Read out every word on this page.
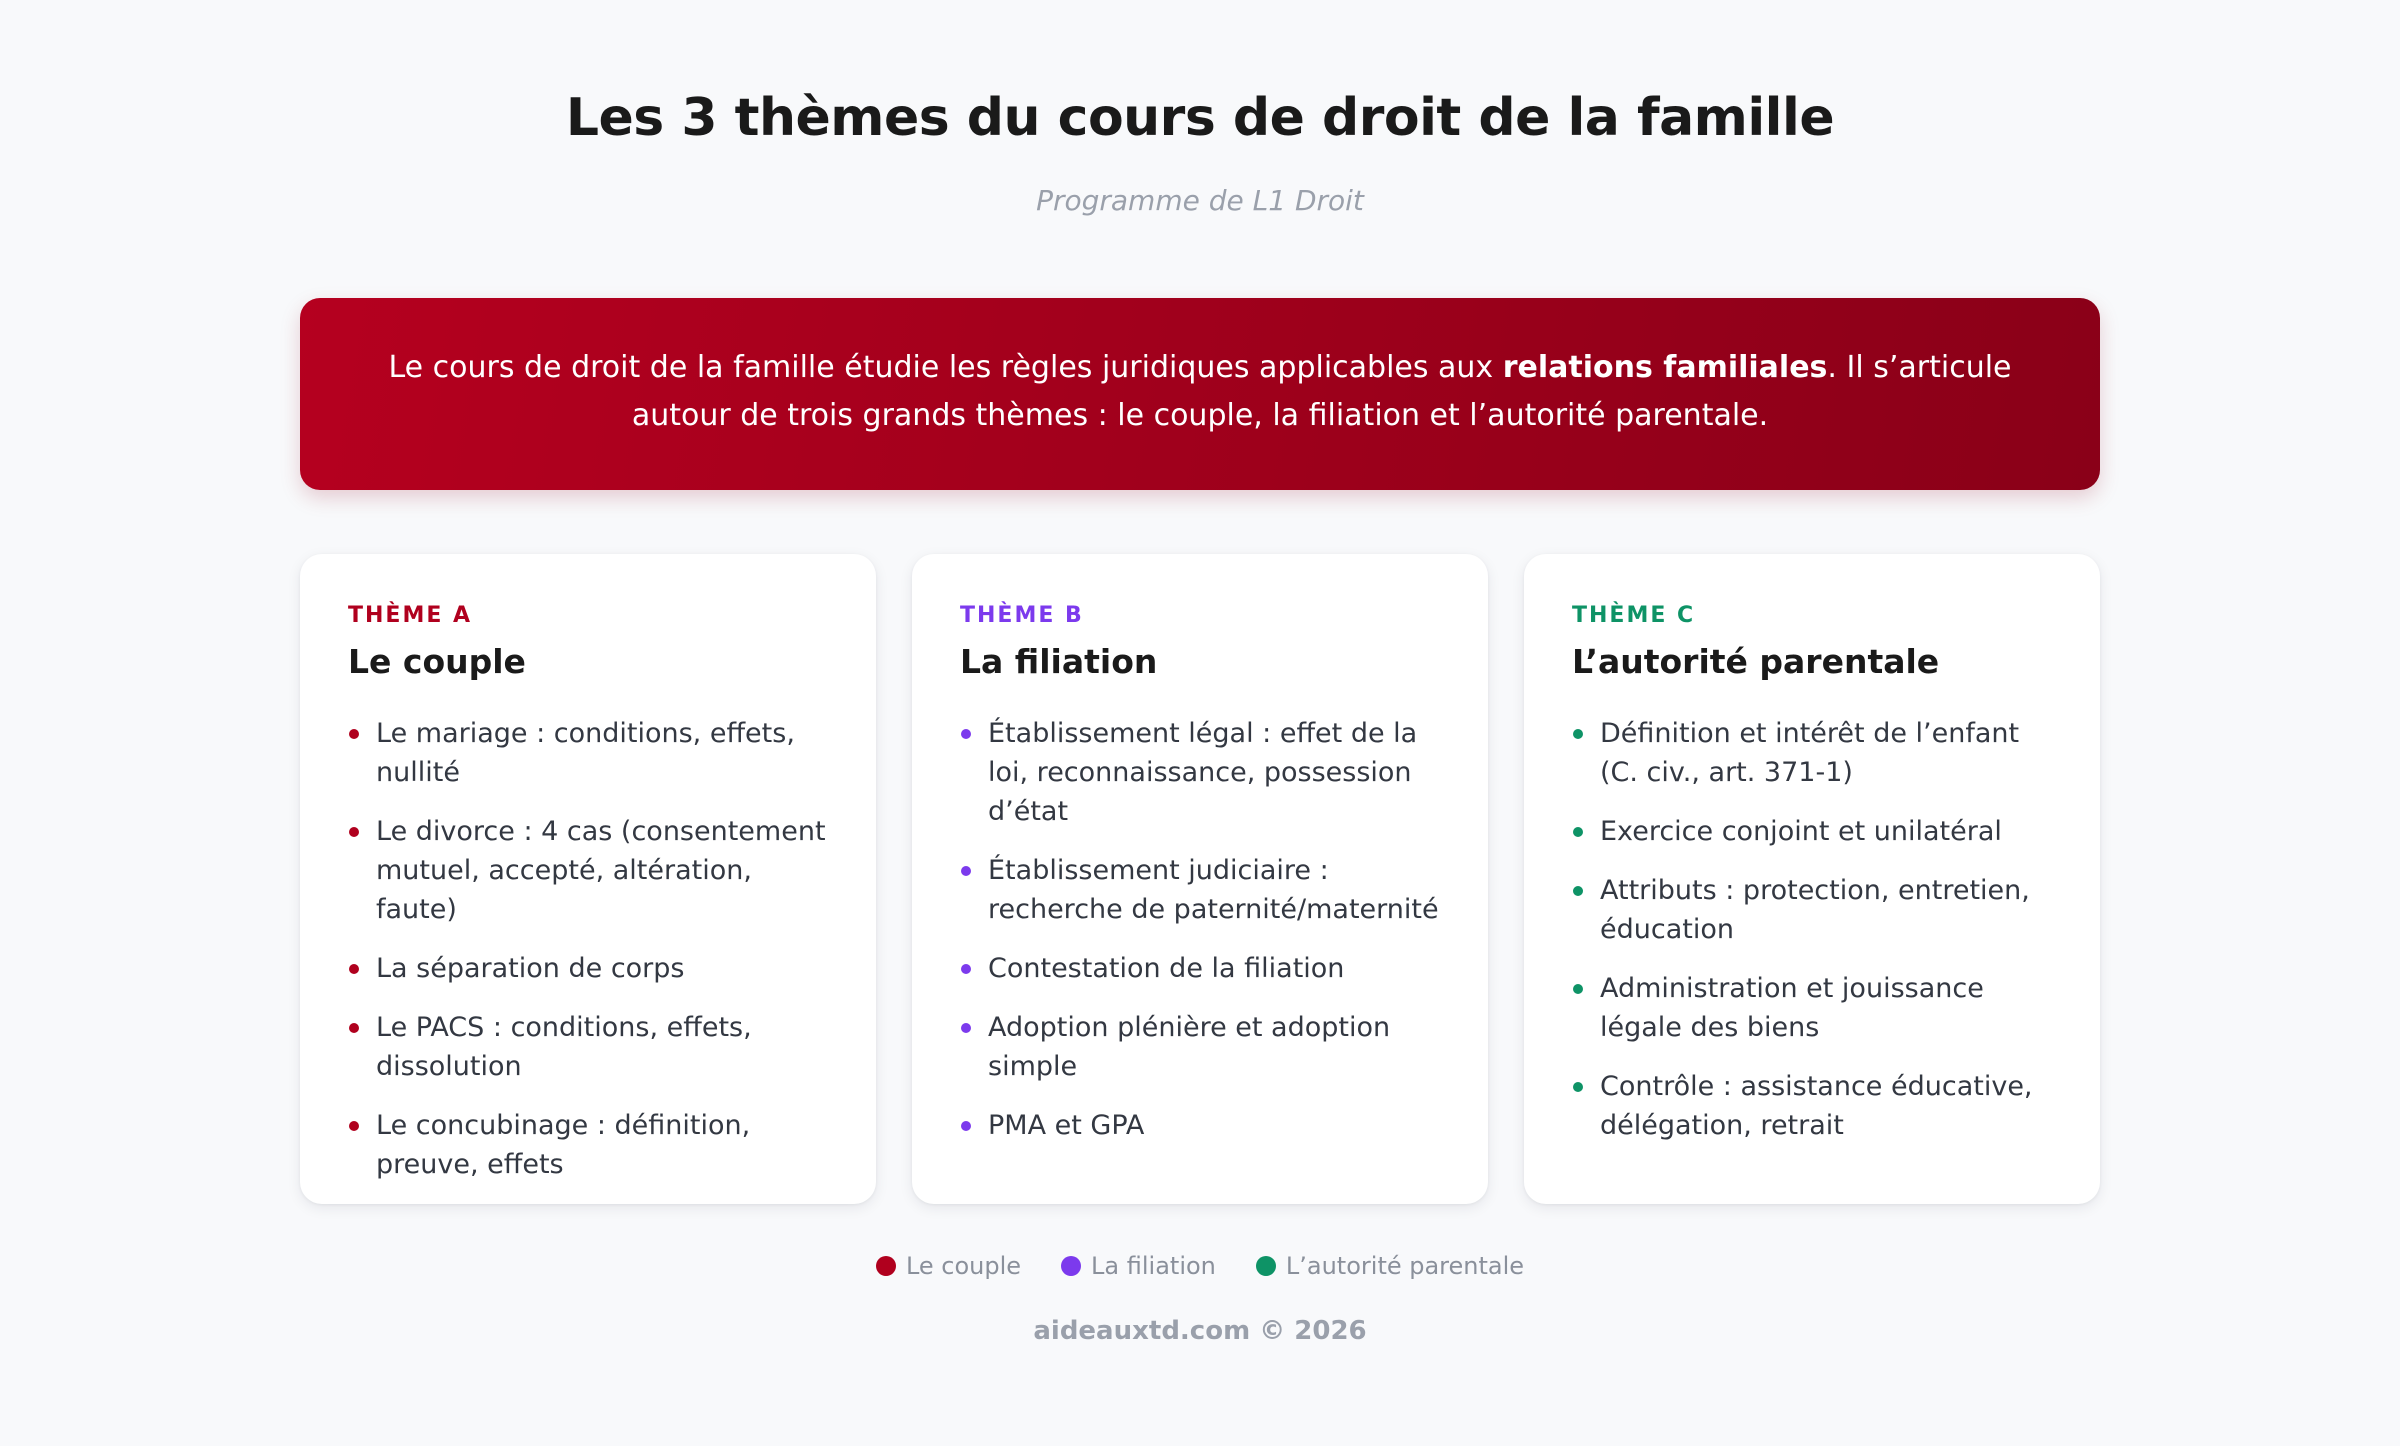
Les 3 thèmes du cours de droit de la famille
Programme de L1 Droit
Le cours de droit de la famille étudie les règles juridiques applicables aux relations familiales. Il s’articule autour de trois grands thèmes : le couple, la filiation et l’autorité parentale.
THÈME A
Le couple
Le mariage : conditions, effets, nullité
Le divorce : 4 cas (consentement mutuel, accepté, altération, faute)
La séparation de corps
Le PACS : conditions, effets, dissolution
Le concubinage : définition, preuve, effets
THÈME B
La filiation
Établissement légal : effet de la loi, reconnaissance, possession d’état
Établissement judiciaire : recherche de paternité/maternité
Contestation de la filiation
Adoption plénière et adoption simple
PMA et GPA
THÈME C
L’autorité parentale
Définition et intérêt de l’enfant (C. civ., art. 371-1)
Exercice conjoint et unilatéral
Attributs : protection, entretien, éducation
Administration et jouissance légale des biens
Contrôle : assistance éducative, délégation, retrait
Le couple	La filiation	L’autorité parentale
aideauxtd.com © 2026
